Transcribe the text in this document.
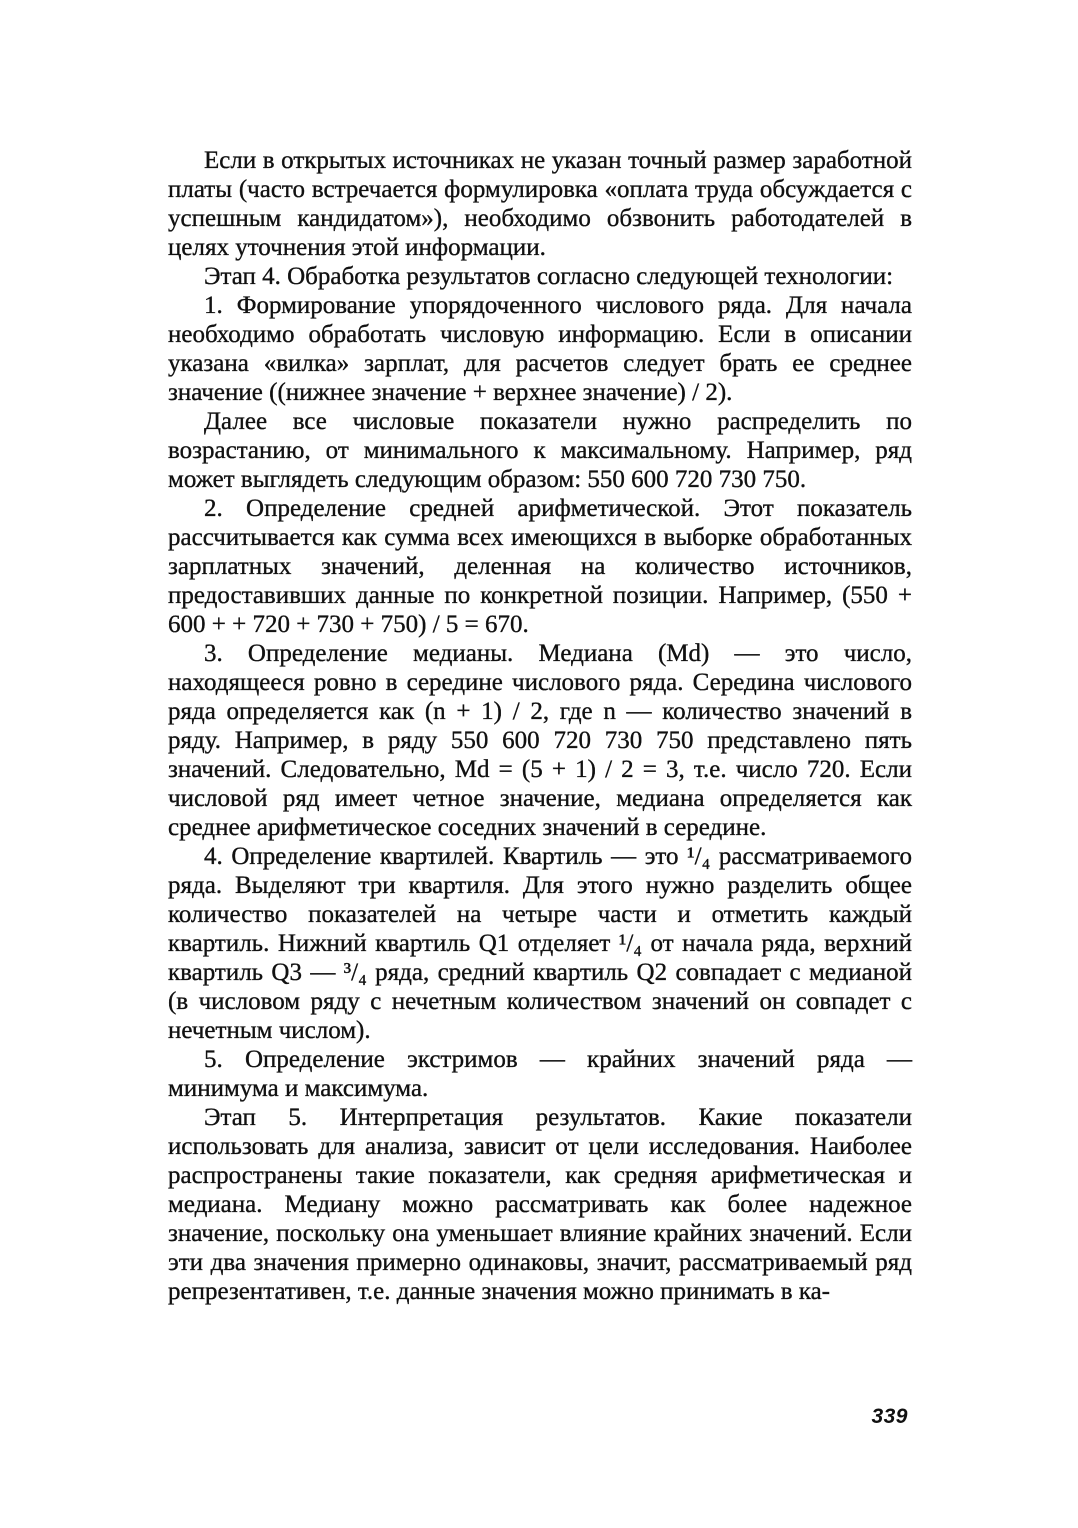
Если в открытых источниках не указан точный размер заработной платы (часто встречается формулировка «оплата труда обсуждается с успешным кандидатом»), необходимо обзвонить работодателей в целях уточнения этой информации.

Этап 4. Обработка результатов согласно следующей технологии:

1. Формирование упорядоченного числового ряда. Для начала необходимо обработать числовую информацию. Если в описании указана «вилка» зарплат, для расчетов следует брать ее среднее значение ((нижнее значение + верхнее значение) / 2).

Далее все числовые показатели нужно распределить по возрастанию, от минимального к максимальному. Например, ряд может выглядеть следующим образом: 550 600 720 730 750.

2. Определение средней арифметической. Этот показатель рассчитывается как сумма всех имеющихся в выборке обработанных зарплатных значений, деленная на количество источников, предоставивших данные по конкретной позиции. Например, (550 + 600 + + 720 + 730 + 750) / 5 = 670.

3. Определение медианы. Медиана (Md) — это число, находящееся ровно в середине числового ряда. Середина числового ряда определяется как (n + 1) / 2, где n — количество значений в ряду. Например, в ряду 550 600 720 730 750 представлено пять значений. Следовательно, Md = (5 + 1) / 2 = 3, т.е. число 720. Если числовой ряд имеет четное значение, медиана определяется как среднее арифметическое соседних значений в середине.

4. Определение квартилей. Квартиль — это ¹/₄ рассматриваемого ряда. Выделяют три квартиля. Для этого нужно разделить общее количество показателей на четыре части и отметить каждый квартиль. Нижний квартиль Q1 отделяет ¹/₄ от начала ряда, верхний квартиль Q3 — ³/₄ ряда, средний квартиль Q2 совпадает с медианой (в числовом ряду с нечетным количеством значений он совпадет с нечетным числом).

5. Определение экстримов — крайних значений ряда — минимума и максимума.

Этап 5. Интерпретация результатов. Какие показатели использовать для анализа, зависит от цели исследования. Наиболее распространены такие показатели, как средняя арифметическая и медиана. Медиану можно рассматривать как более надежное значение, поскольку она уменьшает влияние крайних значений. Если эти два значения примерно одинаковы, значит, рассматриваемый ряд репрезентативен, т.е. данные значения можно принимать в ка-

339
